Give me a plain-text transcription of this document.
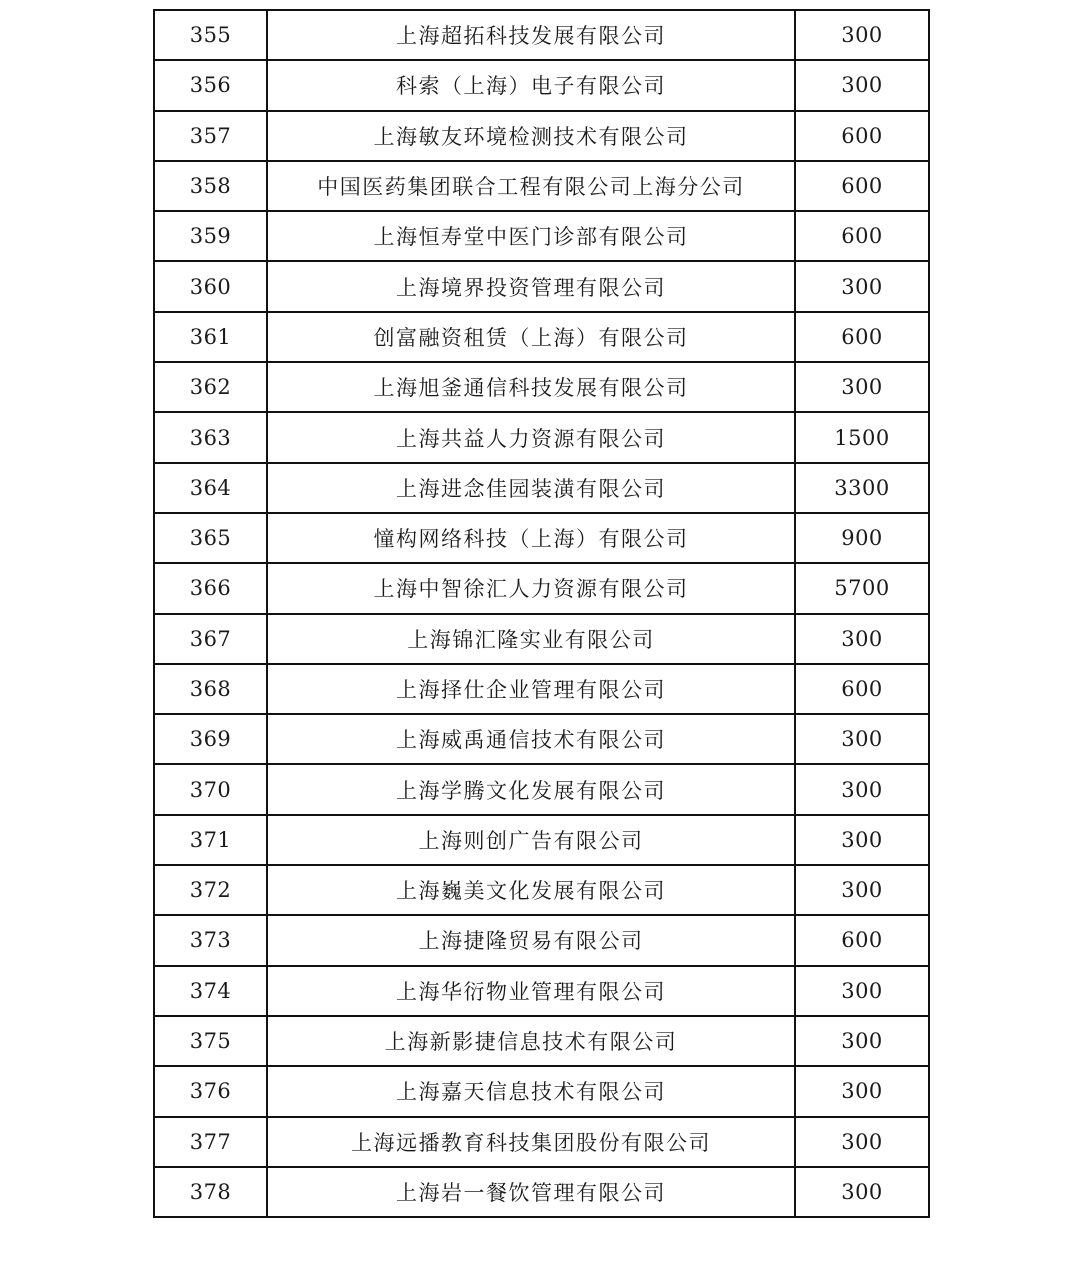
355	上海超拓科技发展有限公司	300
356	科索（上海）电子有限公司	300
357	上海敏友环境检测技术有限公司	600
358	中国医药集团联合工程有限公司上海分公司	600
359	上海恒寿堂中医门诊部有限公司	600
360	上海境界投资管理有限公司	300
361	创富融资租赁（上海）有限公司	600
362	上海旭釜通信科技发展有限公司	300
363	上海共益人力资源有限公司	1500
364	上海进念佳园装潢有限公司	3300
365	憧构网络科技（上海）有限公司	900
366	上海中智徐汇人力资源有限公司	5700
367	上海锦汇隆实业有限公司	300
368	上海择仕企业管理有限公司	600
369	上海威禹通信技术有限公司	300
370	上海学腾文化发展有限公司	300
371	上海则创广告有限公司	300
372	上海巍美文化发展有限公司	300
373	上海捷隆贸易有限公司	600
374	上海华衍物业管理有限公司	300
375	上海新影捷信息技术有限公司	300
376	上海嘉天信息技术有限公司	300
377	上海远播教育科技集团股份有限公司	300
378	上海岩一餐饮管理有限公司	300
